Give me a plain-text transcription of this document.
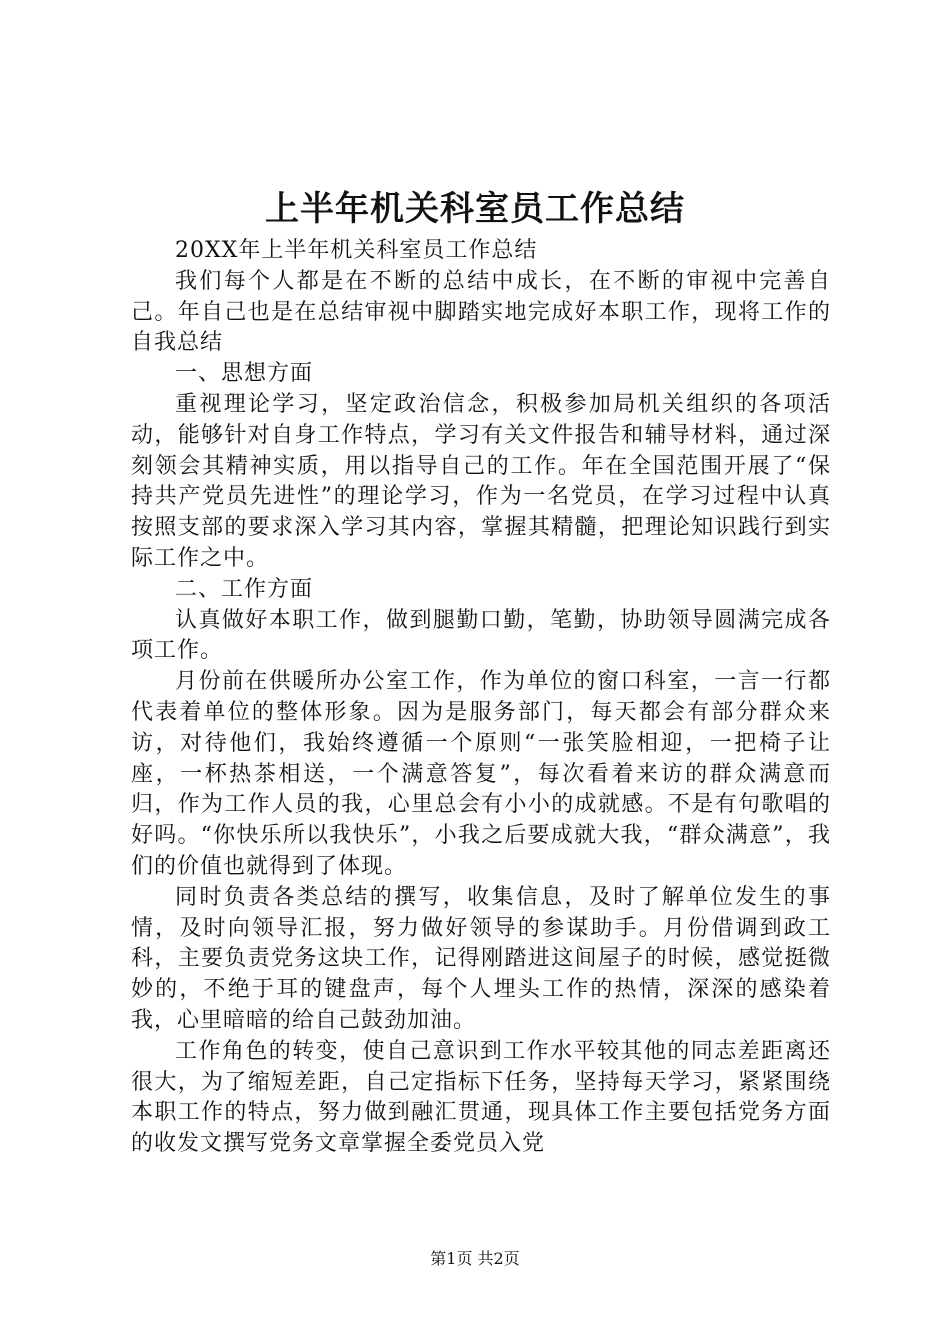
上半年机关科室员工作总结

20XX年上半年机关科室员工作总结

我们每个人都是在不断的总结中成长，在不断的审视中完善自己。年自己也是在总结审视中脚踏实地完成好本职工作，现将工作的自我总结

一、思想方面

重视理论学习，坚定政治信念，积极参加局机关组织的各项活动，能够针对自身工作特点，学习有关文件报告和辅导材料，通过深刻领会其精神实质，用以指导自己的工作。年在全国范围开展了“保持共产党员先进性”的理论学习，作为一名党员，在学习过程中认真按照支部的要求深入学习其内容，掌握其精髓，把理论知识践行到实际工作之中。

二、工作方面

认真做好本职工作，做到腿勤口勤，笔勤，协助领导圆满完成各项工作。

月份前在供暖所办公室工作，作为单位的窗口科室，一言一行都代表着单位的整体形象。因为是服务部门，每天都会有部分群众来访，对待他们，我始终遵循一个原则“一张笑脸相迎，一把椅子让座，一杯热茶相送，一个满意答复”，每次看着来访的群众满意而归，作为工作人员的我，心里总会有小小的成就感。不是有句歌唱的好吗。“你快乐所以我快乐”，小我之后要成就大我，“群众满意”，我们的价值也就得到了体现。

同时负责各类总结的撰写，收集信息，及时了解单位发生的事情，及时向领导汇报，努力做好领导的参谋助手。月份借调到政工科，主要负责党务这块工作，记得刚踏进这间屋子的时候，感觉挺微妙的，不绝于耳的键盘声，每个人埋头工作的热情，深深的感染着我，心里暗暗的给自己鼓劲加油。

工作角色的转变，使自己意识到工作水平较其他的同志差距离还很大，为了缩短差距，自己定指标下任务，坚持每天学习，紧紧围绕本职工作的特点，努力做到融汇贯通，现具体工作主要包括党务方面的收发文撰写党务文章掌握全委党员入党

第1页 共2页
